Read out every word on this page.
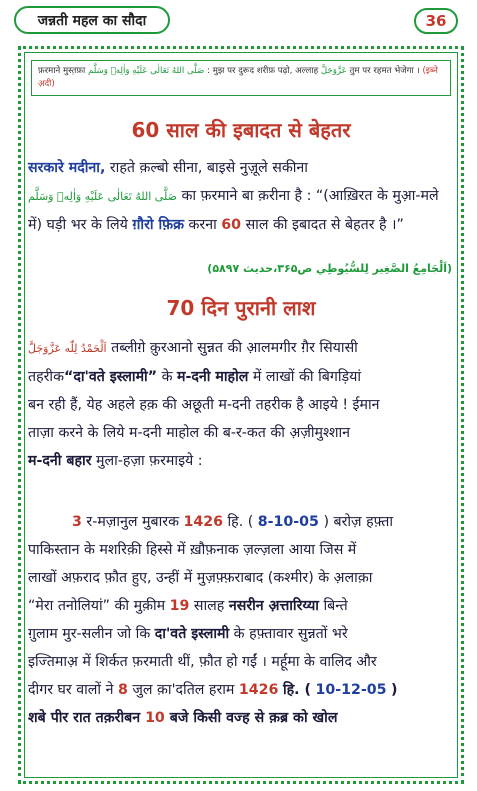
जन्नती महल का सौदा	36
फ़रमाने मुस्त़फ़ा صَلَّى اللهُ تَعَالٰى عَلَيْهِ وَاٰلِهٖ وَسَلَّم : मुझ पर दुरूद शरीफ़ पढ़ो, अल्लाह عَزَّوَجَلَّ तुम पर रहमत भेजेगा । (इब्ने अ़दी)
60 साल की इबादत से बेहतर
सरकारे मदीना, राहते क़ल्बो सीना, बाइसे नुज़ूले सकीना
صَلَّى اللهُ تَعَالٰى عَلَيْهِ وَاٰلِهٖ وَسَلَّم का फ़रमाने बा क़रीना है : “(आख़िरत के मुआ़-मले
में) घड़ी भर के लिये ग़ौरो फ़िक्र करना 60 साल की इबादत से बेहतर है ।”
(اَلْجَامِعُ الصَّغِير لِلسُّيُوطِي ص۳۶۵،حديث ۵۸۹۷)
70 दिन पुरानी लाश
اَلْحَمْدُ لِلّٰه عَزَّوَجَلَّ तब्लीग़े क़ुरआनो सुन्नत की आ़लमगीर ग़ैर सियासी
तहरीक“दा'वते इस्लामी” के म-दनी माहोल में लाखों की बिगड़ियां
बन रही हैं, येह अहले हक़ की अछूती म-दनी तहरीक है आइये ! ईमान
ताज़ा करने के लिये म-दनी माहोल की ब-र-कत की अ़ज़ीमुश्शान
म-दनी बहार मुला-हज़ा फ़रमाइये :
3 र-मज़ानुल मुबारक 1426 हि. ( 8-10-05 ) बरोज़ हफ़्ता
पाकिस्तान के मशरिक़ी हिस्से में ख़ौफ़नाक ज़ल्ज़ला आया जिस में
लाखों अफ़राद फ़ौत हुए, उन्हीं में मुज़फ़्फ़राबाद (कश्मीर) के अ़लाक़ा
“मेरा तनोलियां” की मुक़ीम 19 सालह नसरीन अ़त्तारिय्या बिन्ते
ग़ुलाम मुर-सलीन जो कि दा'वते इस्लामी के हफ़्तावार सुन्नतों भरे
इज्तिमाअ़ में शिर्कत फ़रमाती थीं, फ़ौत हो गईं । मर्हूमा के वालिद और
दीगर घर वालों ने 8 जुल क़ा'दतिल हराम 1426 हि. ( 10-12-05 )
शबे पीर रात तक़रीबन 10 बजे किसी वज्ह से क़ब्र को खोल
